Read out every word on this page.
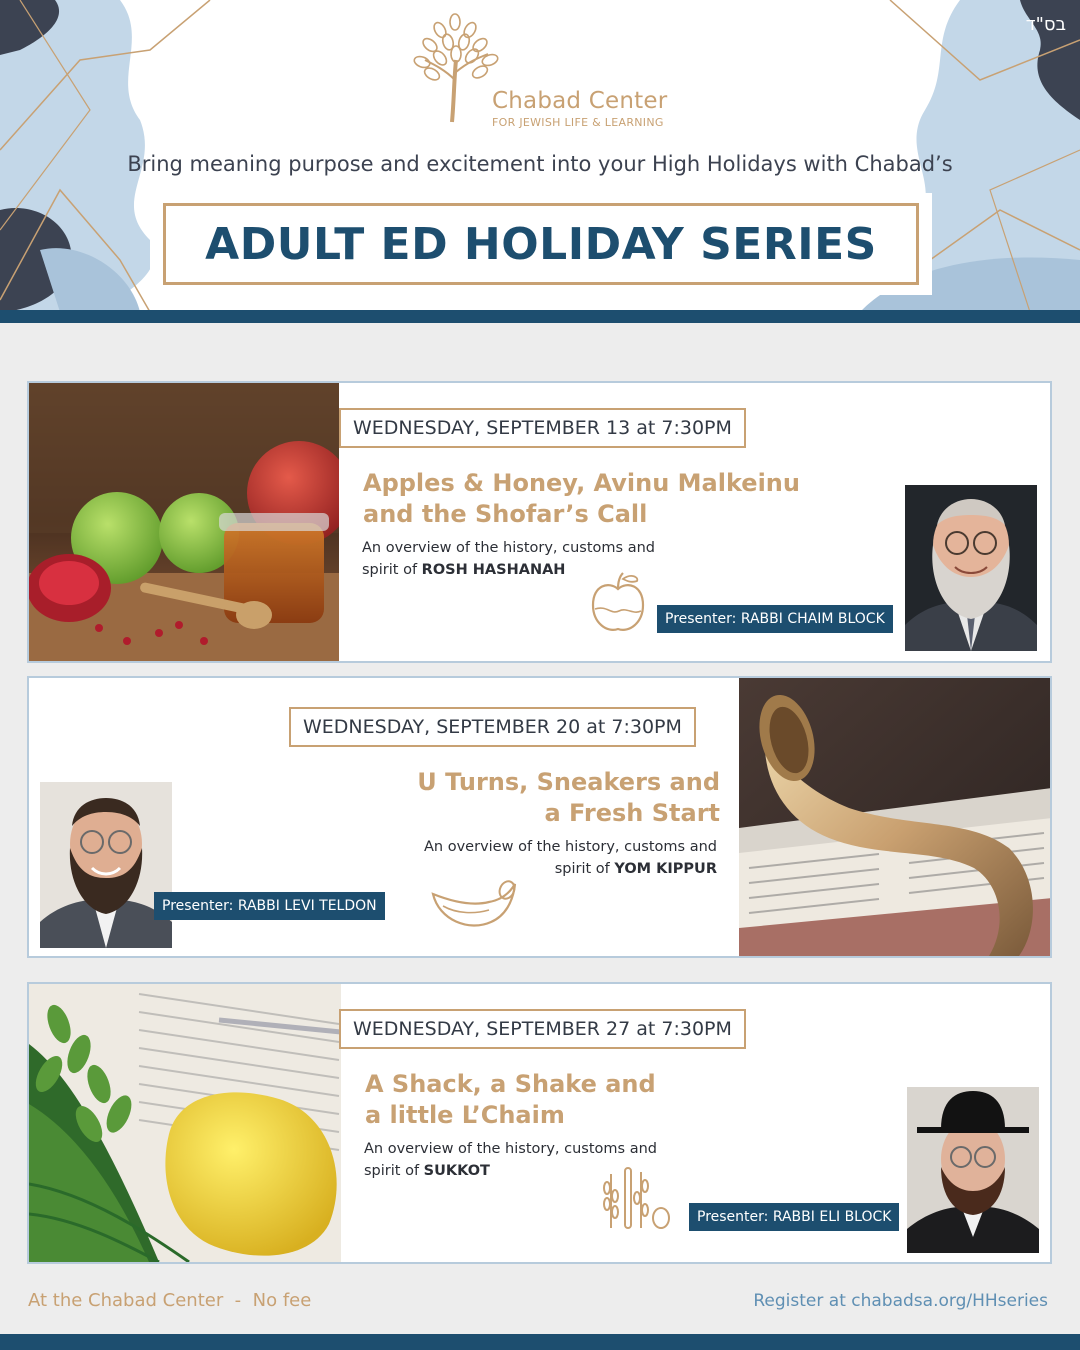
בס"ד
Chabad Center
FOR JEWISH LIFE & LEARNING
Bring meaning purpose and excitement into your High Holidays with Chabad’s
ADULT ED HOLIDAY SERIES
WEDNESDAY, SEPTEMBER 13 at 7:30PM
Apples & Honey, Avinu Malkeinu
and the Shofar’s Call
An overview of the history, customs and
spirit of ROSH HASHANAH
Presenter: RABBI CHAIM BLOCK
WEDNESDAY, SEPTEMBER 20 at 7:30PM
U Turns, Sneakers and
a Fresh Start
An overview of the history, customs and
spirit of YOM KIPPUR
Presenter: RABBI LEVI TELDON
WEDNESDAY, SEPTEMBER 27 at 7:30PM
A Shack, a Shake and
a little L’Chaim
An overview of the history, customs and
spirit of SUKKOT
Presenter: RABBI ELI BLOCK
At the Chabad Center  -  No fee	Register at chabadsa.org/HHseries
